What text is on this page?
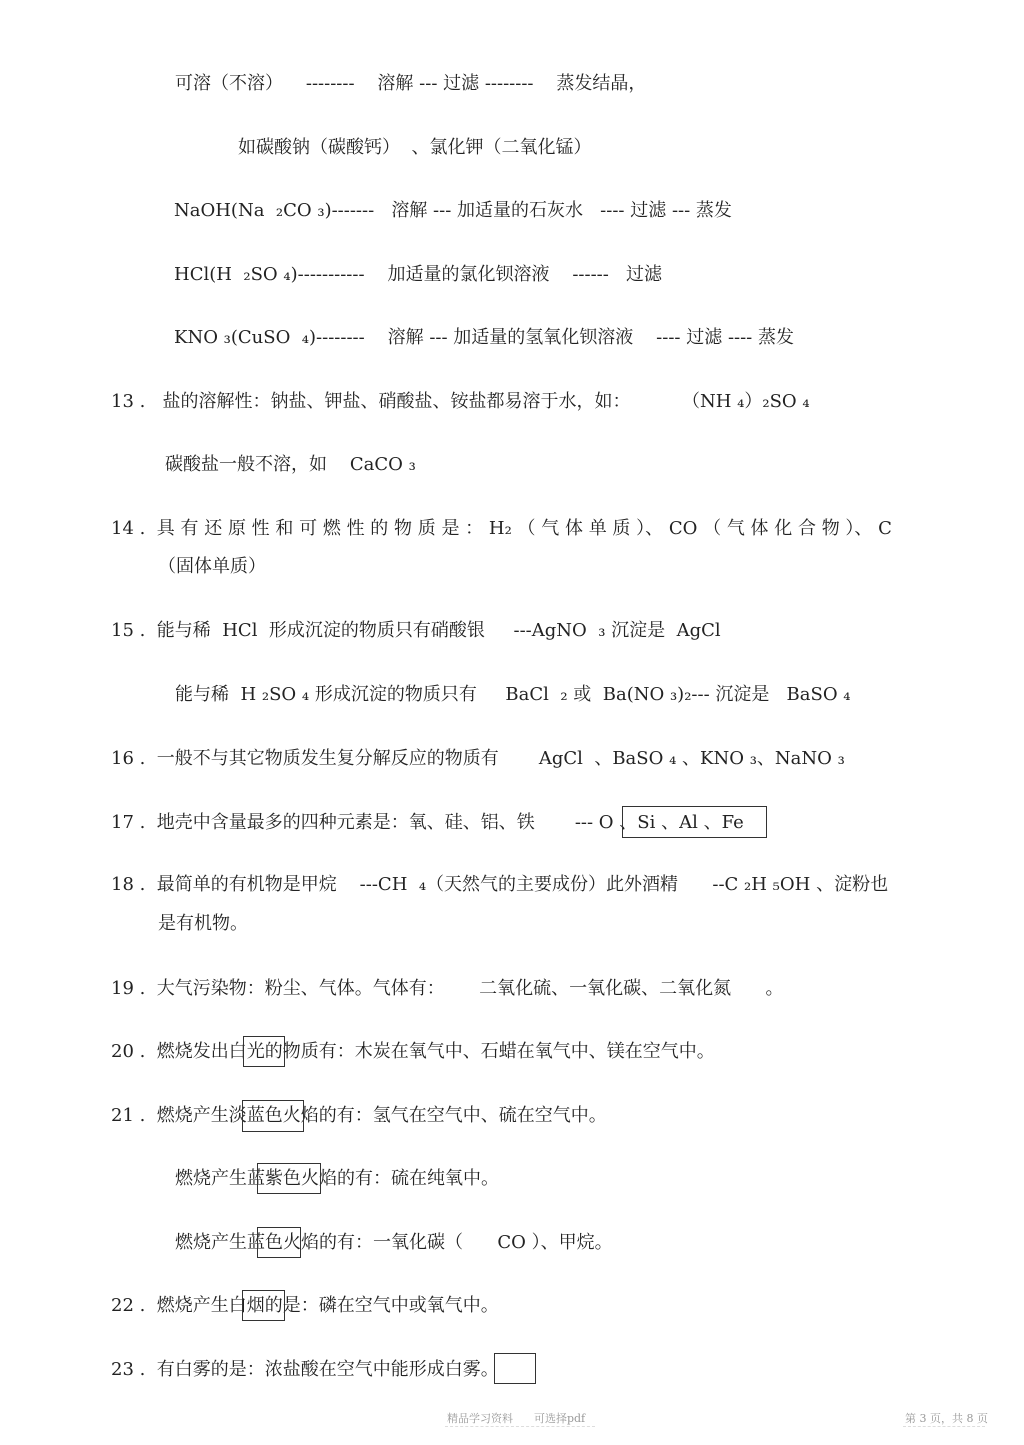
可溶（不溶）    --------    溶解 --- 过滤 --------    蒸发结晶，

如碳酸钠（碳酸钙）  、氯化钾（二氧化锰）

NaOH(Na  ₂CO ₃)-------   溶解 --- 加适量的石灰水   ---- 过滤 --- 蒸发

HCl(H  ₂SO ₄)-----------    加适量的氯化钡溶液    ------   过滤

KNO ₃(CuSO  ₄)--------    溶解 --- 加适量的氢氧化钡溶液    ---- 过滤 ---- 蒸发

13 .   盐的溶解性：钠盐、钾盐、硝酸盐、铵盐都易溶于水，如：         （NH ₄）₂SO ₄

碳酸盐一般不溶，如    CaCO ₃

14 .  具 有 还 原 性 和 可 燃 性 的 物 质 是 ： H₂ （ 气 体 单 质 ）、 CO （ 气 体 化 合 物 ）、 C

（固体单质）

15 .  能与稀  HCl  形成沉淀的物质只有硝酸银     ---AgNO  ₃ 沉淀是  AgCl

能与稀  H ₂SO ₄ 形成沉淀的物质只有     BaCl  ₂ 或  Ba(NO ₃)₂--- 沉淀是   BaSO ₄

16 .  一般不与其它物质发生复分解反应的物质有       AgCl  、BaSO ₄ 、KNO ₃、NaNO ₃

17 .  地壳中含量最多的四种元素是：氧、硅、铝、铁       --- O 、Si 、Al 、Fe

18 .  最简单的有机物是甲烷    ---CH  ₄（天然气的主要成份）此外酒精      --C ₂H ₅OH 、淀粉也

是有机物。

19 .  大气污染物：粉尘、气体。气体有：      二氧化硫、一氧化碳、二氧化氮      。

20 .  燃烧发出白光的物质有：木炭在氧气中、石蜡在氧气中、镁在空气中。

21 .  燃烧产生淡蓝色火焰的有：氢气在空气中、硫在空气中。

燃烧产生蓝紫色火焰的有：硫在纯氧中。

燃烧产生蓝色火焰的有：一氧化碳（      CO ）、甲烷。

22 .  燃烧产生白烟的是：磷在空气中或氧气中。

23 .  有白雾的是：浓盐酸在空气中能形成白雾。

精品学习资料      可选择pdf	第 3 页，共 8 页
